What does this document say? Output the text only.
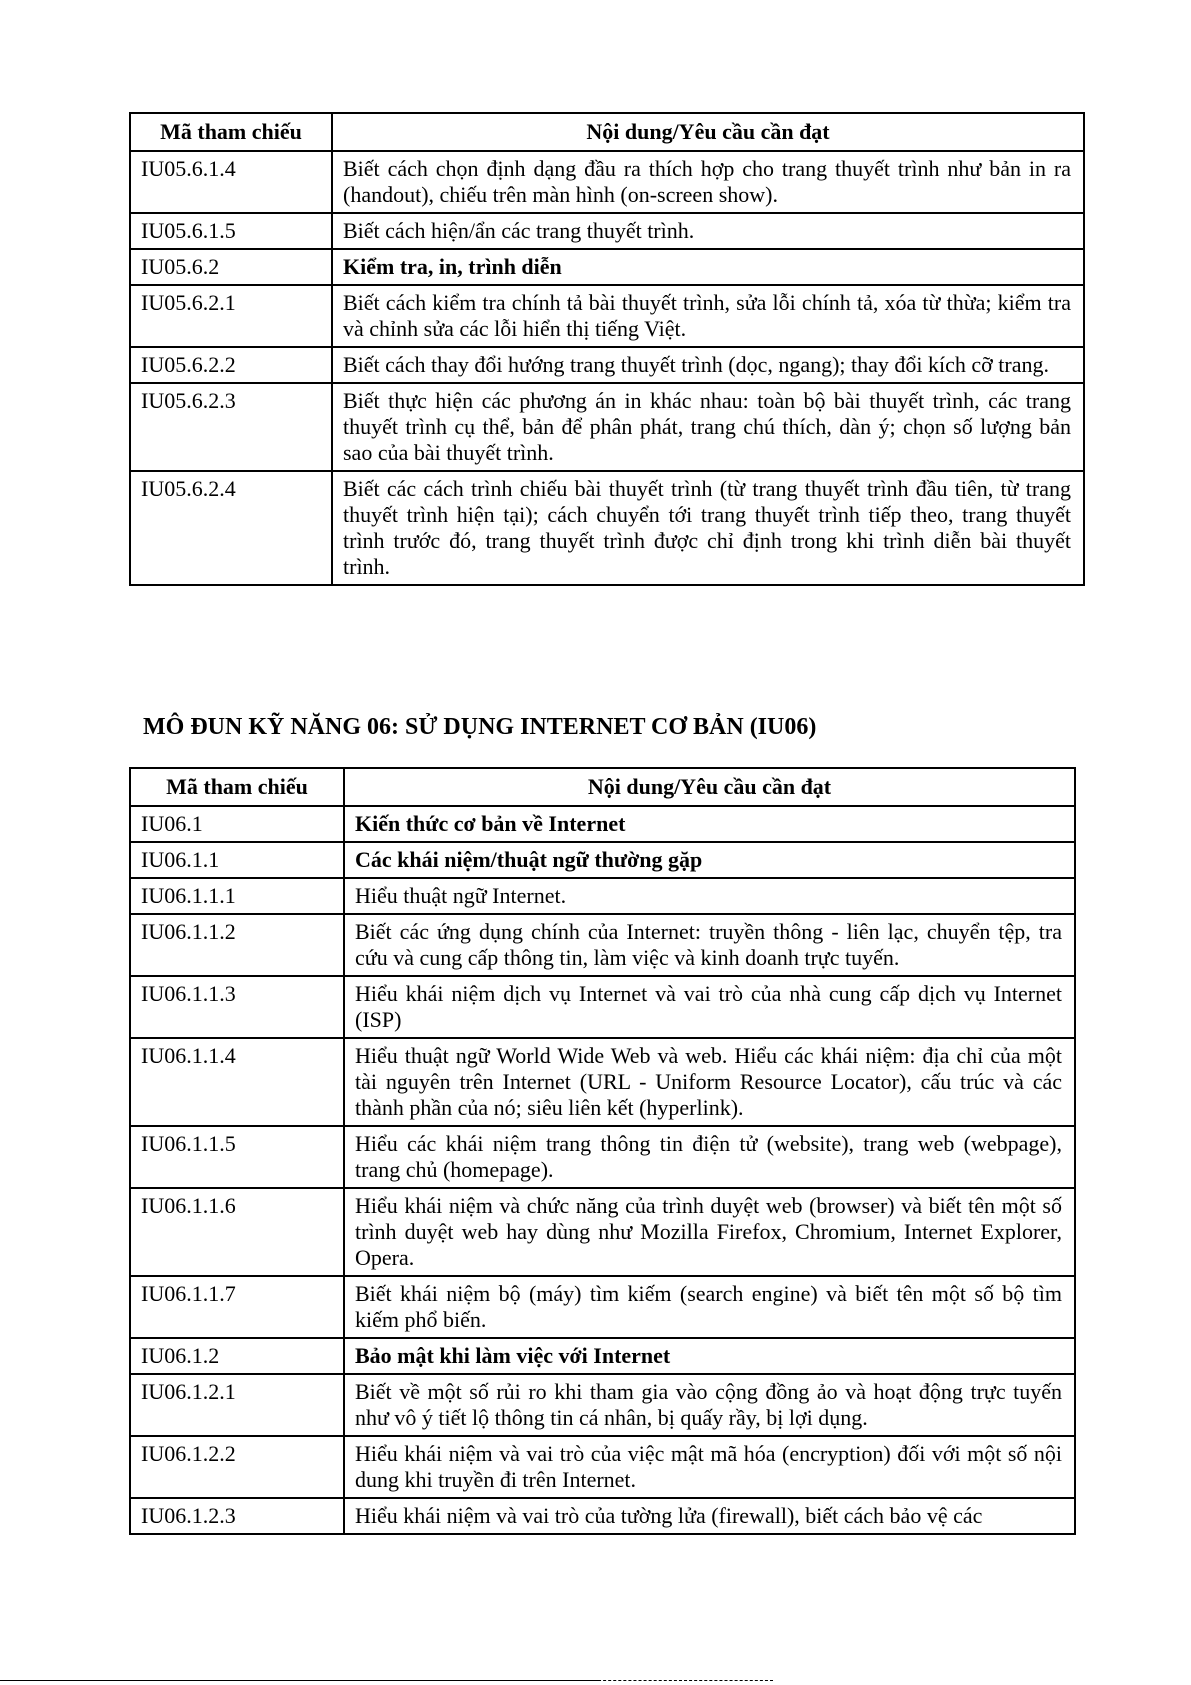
Mã tham chiếu	Nội dung/Yêu cầu cần đạt
IU05.6.1.4	Biết cách chọn định dạng đầu ra thích hợp cho trang thuyết trình như bản in ra (handout), chiếu trên màn hình (on-screen show).
IU05.6.1.5	Biết cách hiện/ẩn các trang thuyết trình.
IU05.6.2	Kiểm tra, in, trình diễn
IU05.6.2.1	Biết cách kiểm tra chính tả bài thuyết trình, sửa lỗi chính tả, xóa từ thừa; kiểm tra và chỉnh sửa các lỗi hiển thị tiếng Việt.
IU05.6.2.2	Biết cách thay đổi hướng trang thuyết trình (dọc, ngang); thay đổi kích cỡ trang.
IU05.6.2.3	Biết thực hiện các phương án in khác nhau: toàn bộ bài thuyết trình, các trang thuyết trình cụ thể, bản để phân phát, trang chú thích, dàn ý; chọn số lượng bản sao của bài thuyết trình.
IU05.6.2.4	Biết các cách trình chiếu bài thuyết trình (từ trang thuyết trình đầu tiên, từ trang thuyết trình hiện tại); cách chuyển tới trang thuyết trình tiếp theo, trang thuyết trình trước đó, trang thuyết trình được chỉ định trong khi trình diễn bài thuyết trình.
MÔ ĐUN KỸ NĂNG 06: SỬ DỤNG INTERNET CƠ BẢN (IU06)
Mã tham chiếu	Nội dung/Yêu cầu cần đạt
IU06.1	Kiến thức cơ bản về Internet
IU06.1.1	Các khái niệm/thuật ngữ thường gặp
IU06.1.1.1	Hiểu thuật ngữ Internet.
IU06.1.1.2	Biết các ứng dụng chính của Internet: truyền thông - liên lạc, chuyển tệp, tra cứu và cung cấp thông tin, làm việc và kinh doanh trực tuyến.
IU06.1.1.3	Hiểu khái niệm dịch vụ Internet và vai trò của nhà cung cấp dịch vụ Internet (ISP)
IU06.1.1.4	Hiểu thuật ngữ World Wide Web và web. Hiểu các khái niệm: địa chỉ của một tài nguyên trên Internet (URL - Uniform Resource Locator), cấu trúc và các thành phần của nó; siêu liên kết (hyperlink).
IU06.1.1.5	Hiểu các khái niệm trang thông tin điện tử (website), trang web (webpage), trang chủ (homepage).
IU06.1.1.6	Hiểu khái niệm và chức năng của trình duyệt web (browser) và biết tên một số trình duyệt web hay dùng như Mozilla Firefox, Chromium, Internet Explorer, Opera.
IU06.1.1.7	Biết khái niệm bộ (máy) tìm kiếm (search engine) và biết tên một số bộ tìm kiếm phổ biến.
IU06.1.2	Bảo mật khi làm việc với Internet
IU06.1.2.1	Biết về một số rủi ro khi tham gia vào cộng đồng ảo và hoạt động trực tuyến như vô ý tiết lộ thông tin cá nhân, bị quấy rầy, bị lợi dụng.
IU06.1.2.2	Hiểu khái niệm và vai trò của việc mật mã hóa (encryption) đối với một số nội dung khi truyền đi trên Internet.
IU06.1.2.3	Hiểu khái niệm và vai trò của tường lửa (firewall), biết cách bảo vệ các
